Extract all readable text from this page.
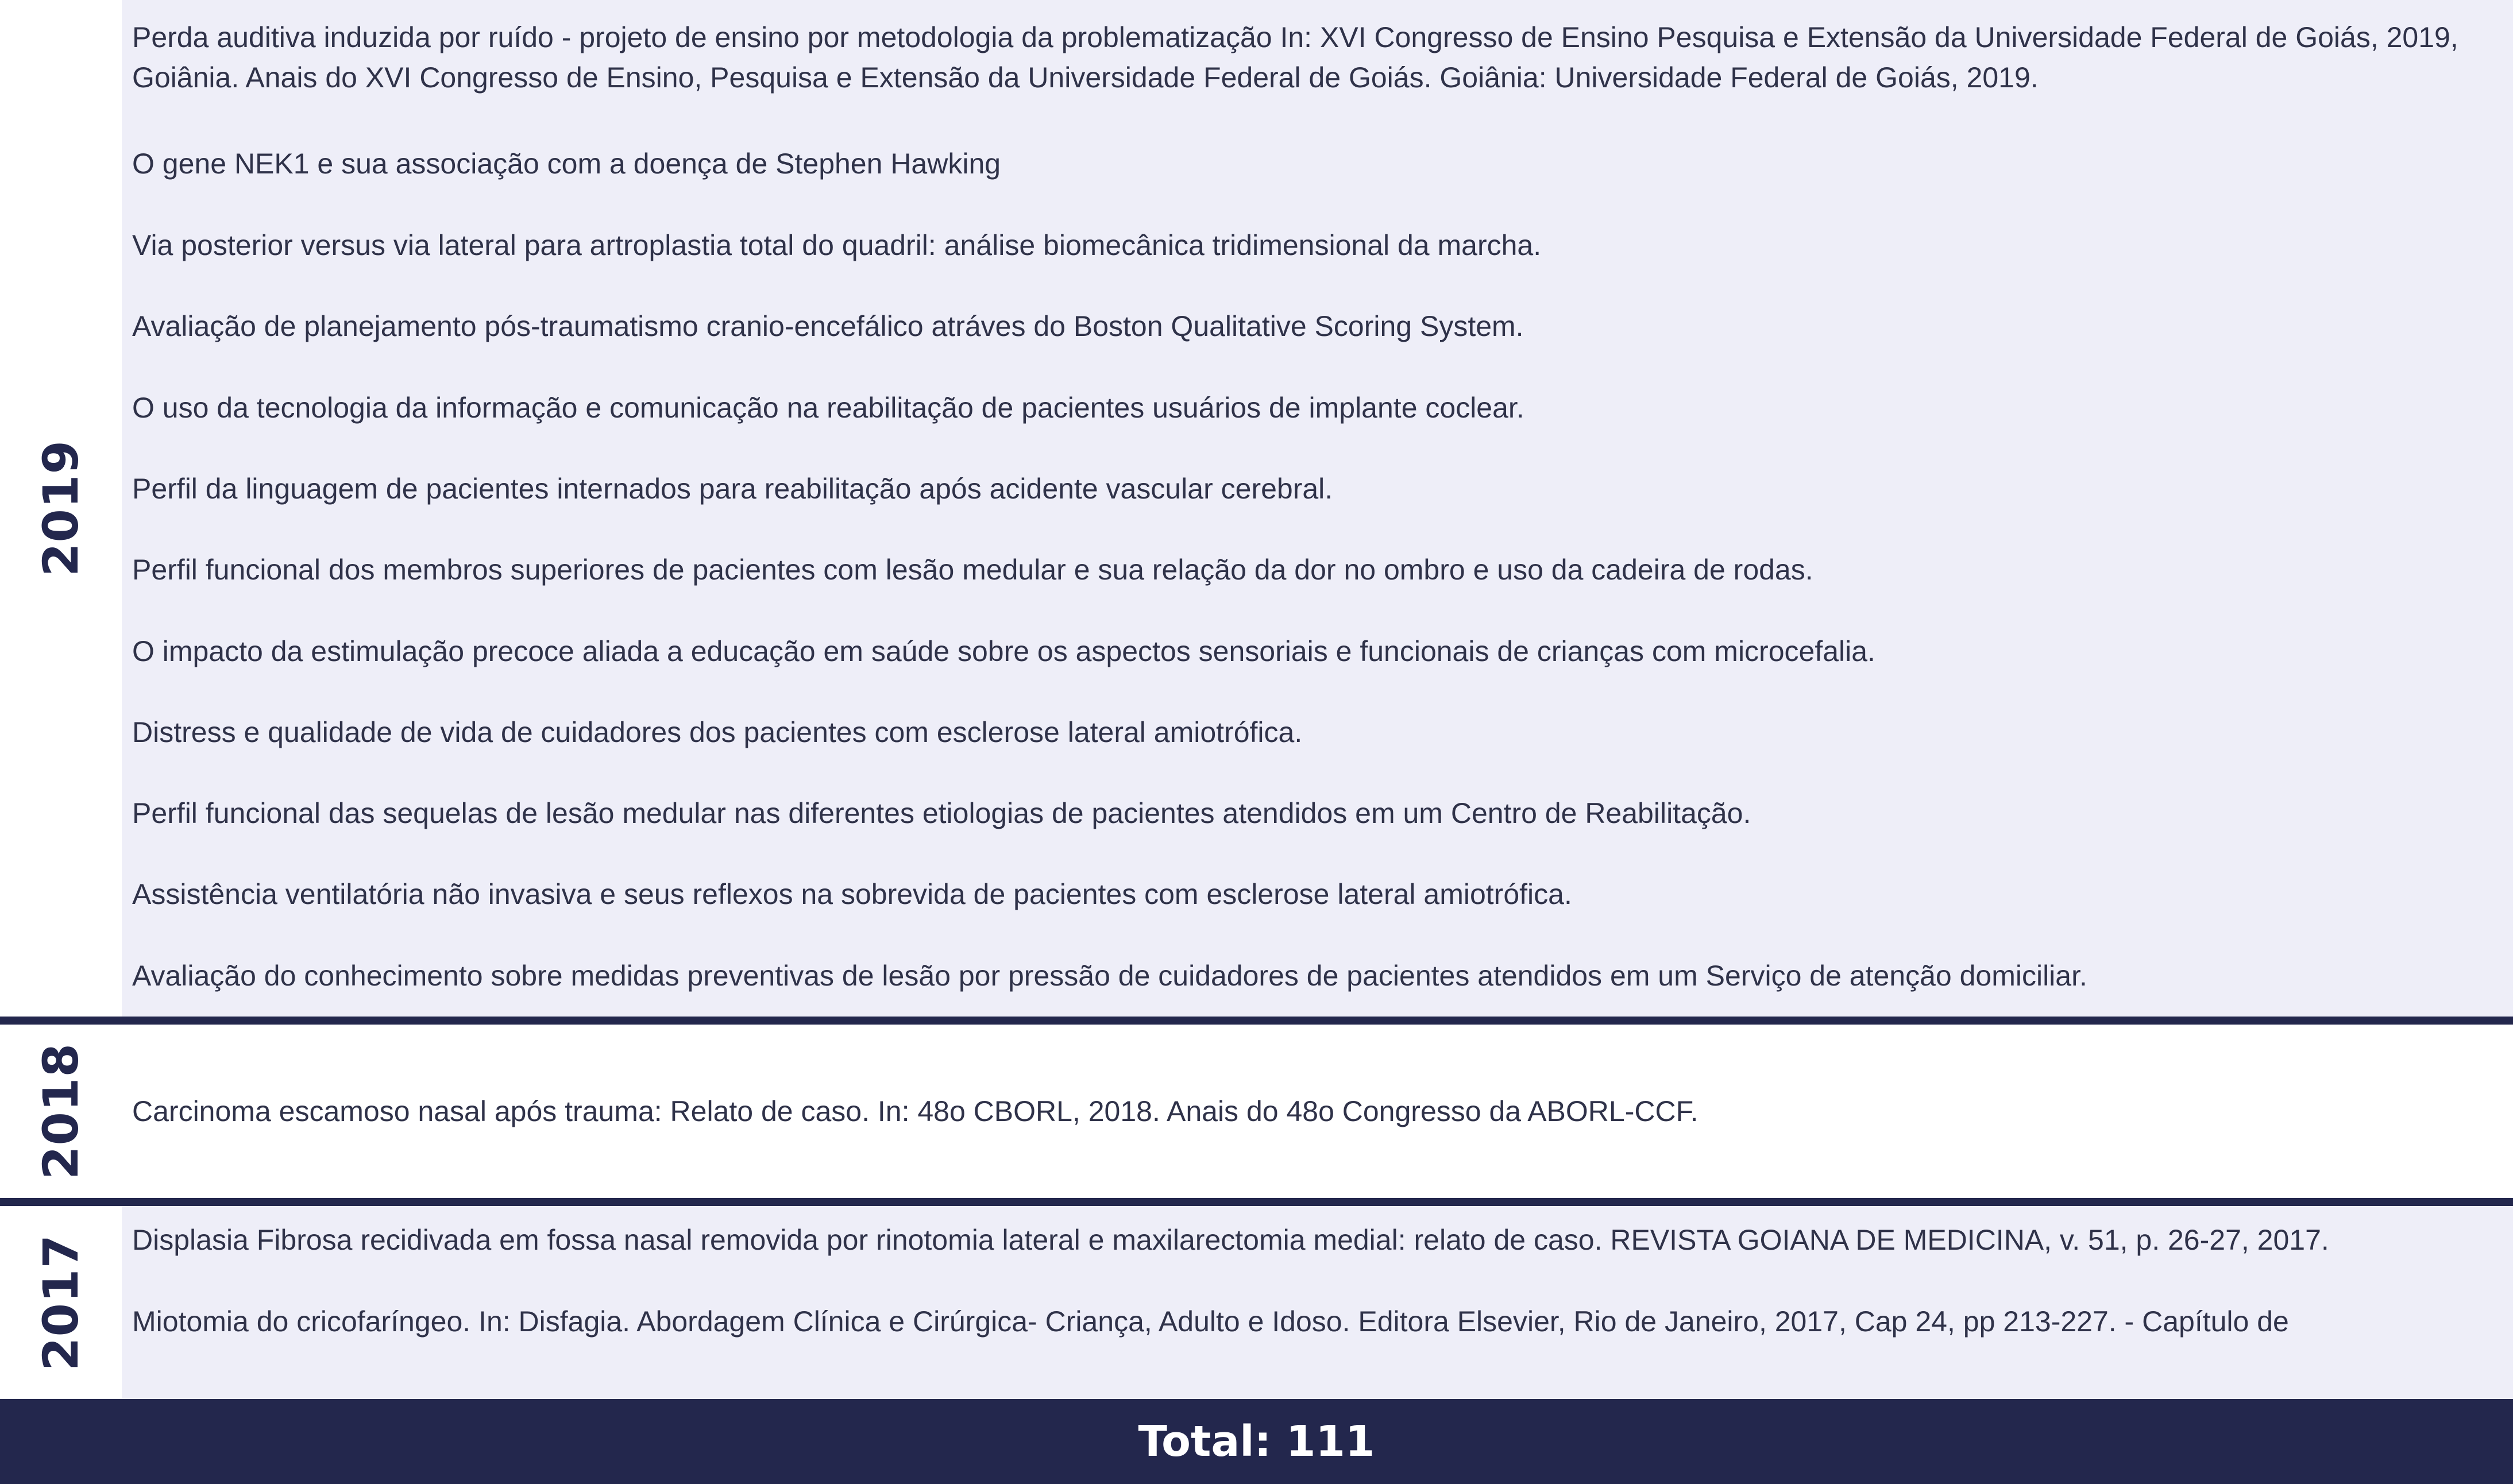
2019

Perda auditiva induzida por ruído - projeto de ensino por metodologia da problematização In: XVI Congresso de Ensino Pesquisa e Extensão da Universidade Federal de Goiás, 2019, Goiânia. Anais do XVI Congresso de Ensino, Pesquisa e Extensão da Universidade Federal de Goiás. Goiânia: Universidade Federal de Goiás, 2019.

O gene NEK1 e sua associação com a doença de Stephen Hawking

Via posterior versus via lateral para artroplastia total do quadril: análise biomecânica tridimensional da marcha.

Avaliação de planejamento pós-traumatismo cranio-encefálico atráves do Boston Qualitative Scoring System.

O uso da tecnologia da informação e comunicação na reabilitação de pacientes usuários de implante coclear.

Perfil da linguagem de pacientes internados para reabilitação após acidente vascular cerebral.

Perfil funcional dos membros superiores de pacientes com lesão medular e sua relação da dor no ombro e uso da cadeira de rodas.

O impacto da estimulação precoce aliada a educação em saúde sobre os aspectos sensoriais e funcionais de crianças com microcefalia.

Distress e qualidade de vida de cuidadores dos pacientes com esclerose lateral amiotrófica.

Perfil funcional das sequelas de lesão medular nas diferentes etiologias de pacientes atendidos em um Centro de Reabilitação.

Assistência ventilatória não invasiva e seus reflexos na sobrevida de pacientes com esclerose lateral amiotrófica.

Avaliação do conhecimento sobre medidas preventivas de lesão por pressão de cuidadores de pacientes atendidos em um Serviço de atenção domiciliar.

2018 Carcinoma escamoso nasal após trauma: Relato de caso. In: 48o CBORL, 2018. Anais do 48o Congresso da ABORL-CCF.

2017 Displasia Fibrosa recidivada em fossa nasal removida por rinotomia lateral e maxilarectomia medial: relato de caso. REVISTA GOIANA DE MEDICINA, v. 51, p. 26-27, 2017.

Miotomia do cricofaríngeo. In: Disfagia. Abordagem Clínica e Cirúrgica- Criança, Adulto e Idoso. Editora Elsevier, Rio de Janeiro, 2017, Cap 24, pp 213-227. - Capítulo de

Total: 111
